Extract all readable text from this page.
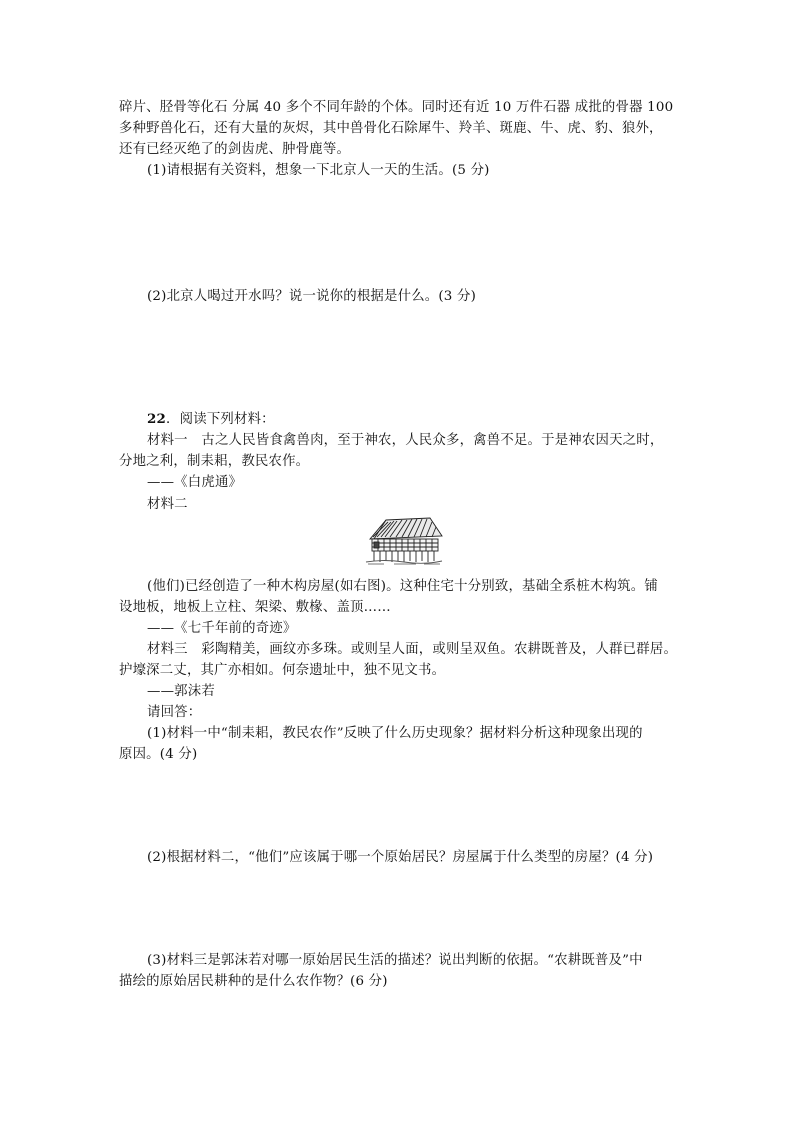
碎片、胫骨等化石 分属 40 多个不同年龄的个体。同时还有近 10 万件石器 成批的骨器 100
多种野兽化石，还有大量的灰烬，其中兽骨化石除犀牛、羚羊、斑鹿、牛、虎、豹、狼外，
还有已经灭绝了的剑齿虎、肿骨鹿等。
(1)请根据有关资料，想象一下北京人一天的生活。(5 分)
(2)北京人喝过开水吗？说一说你的根据是什么。(3 分)
22．阅读下列材料：
材料一　古之人民皆食禽兽肉，至于神农，人民众多，禽兽不足。于是神农因天之时，
分地之利，制耒耜，教民农作。
——《白虎通》
材料二
(他们)已经创造了一种木构房屋(如右图)。这种住宅十分别致，基础全系桩木构筑。铺
设地板，地板上立柱、架梁、敷椽、盖顶……
——《七千年前的奇迹》
材料三　彩陶精美，画纹亦多珠。或则呈人面，或则呈双鱼。农耕既普及，人群已群居。
护壕深二丈，其广亦相如。何奈遗址中，独不见文书。
——郭沫若
请回答：
(1)材料一中“制耒耜，教民农作”反映了什么历史现象？据材料分析这种现象出现的
原因。(4 分)
(2)根据材料二，“他们”应该属于哪一个原始居民？房屋属于什么类型的房屋？(4 分)
(3)材料三是郭沫若对哪一原始居民生活的描述？说出判断的依据。“农耕既普及”中
描绘的原始居民耕种的是什么农作物？(6 分)
